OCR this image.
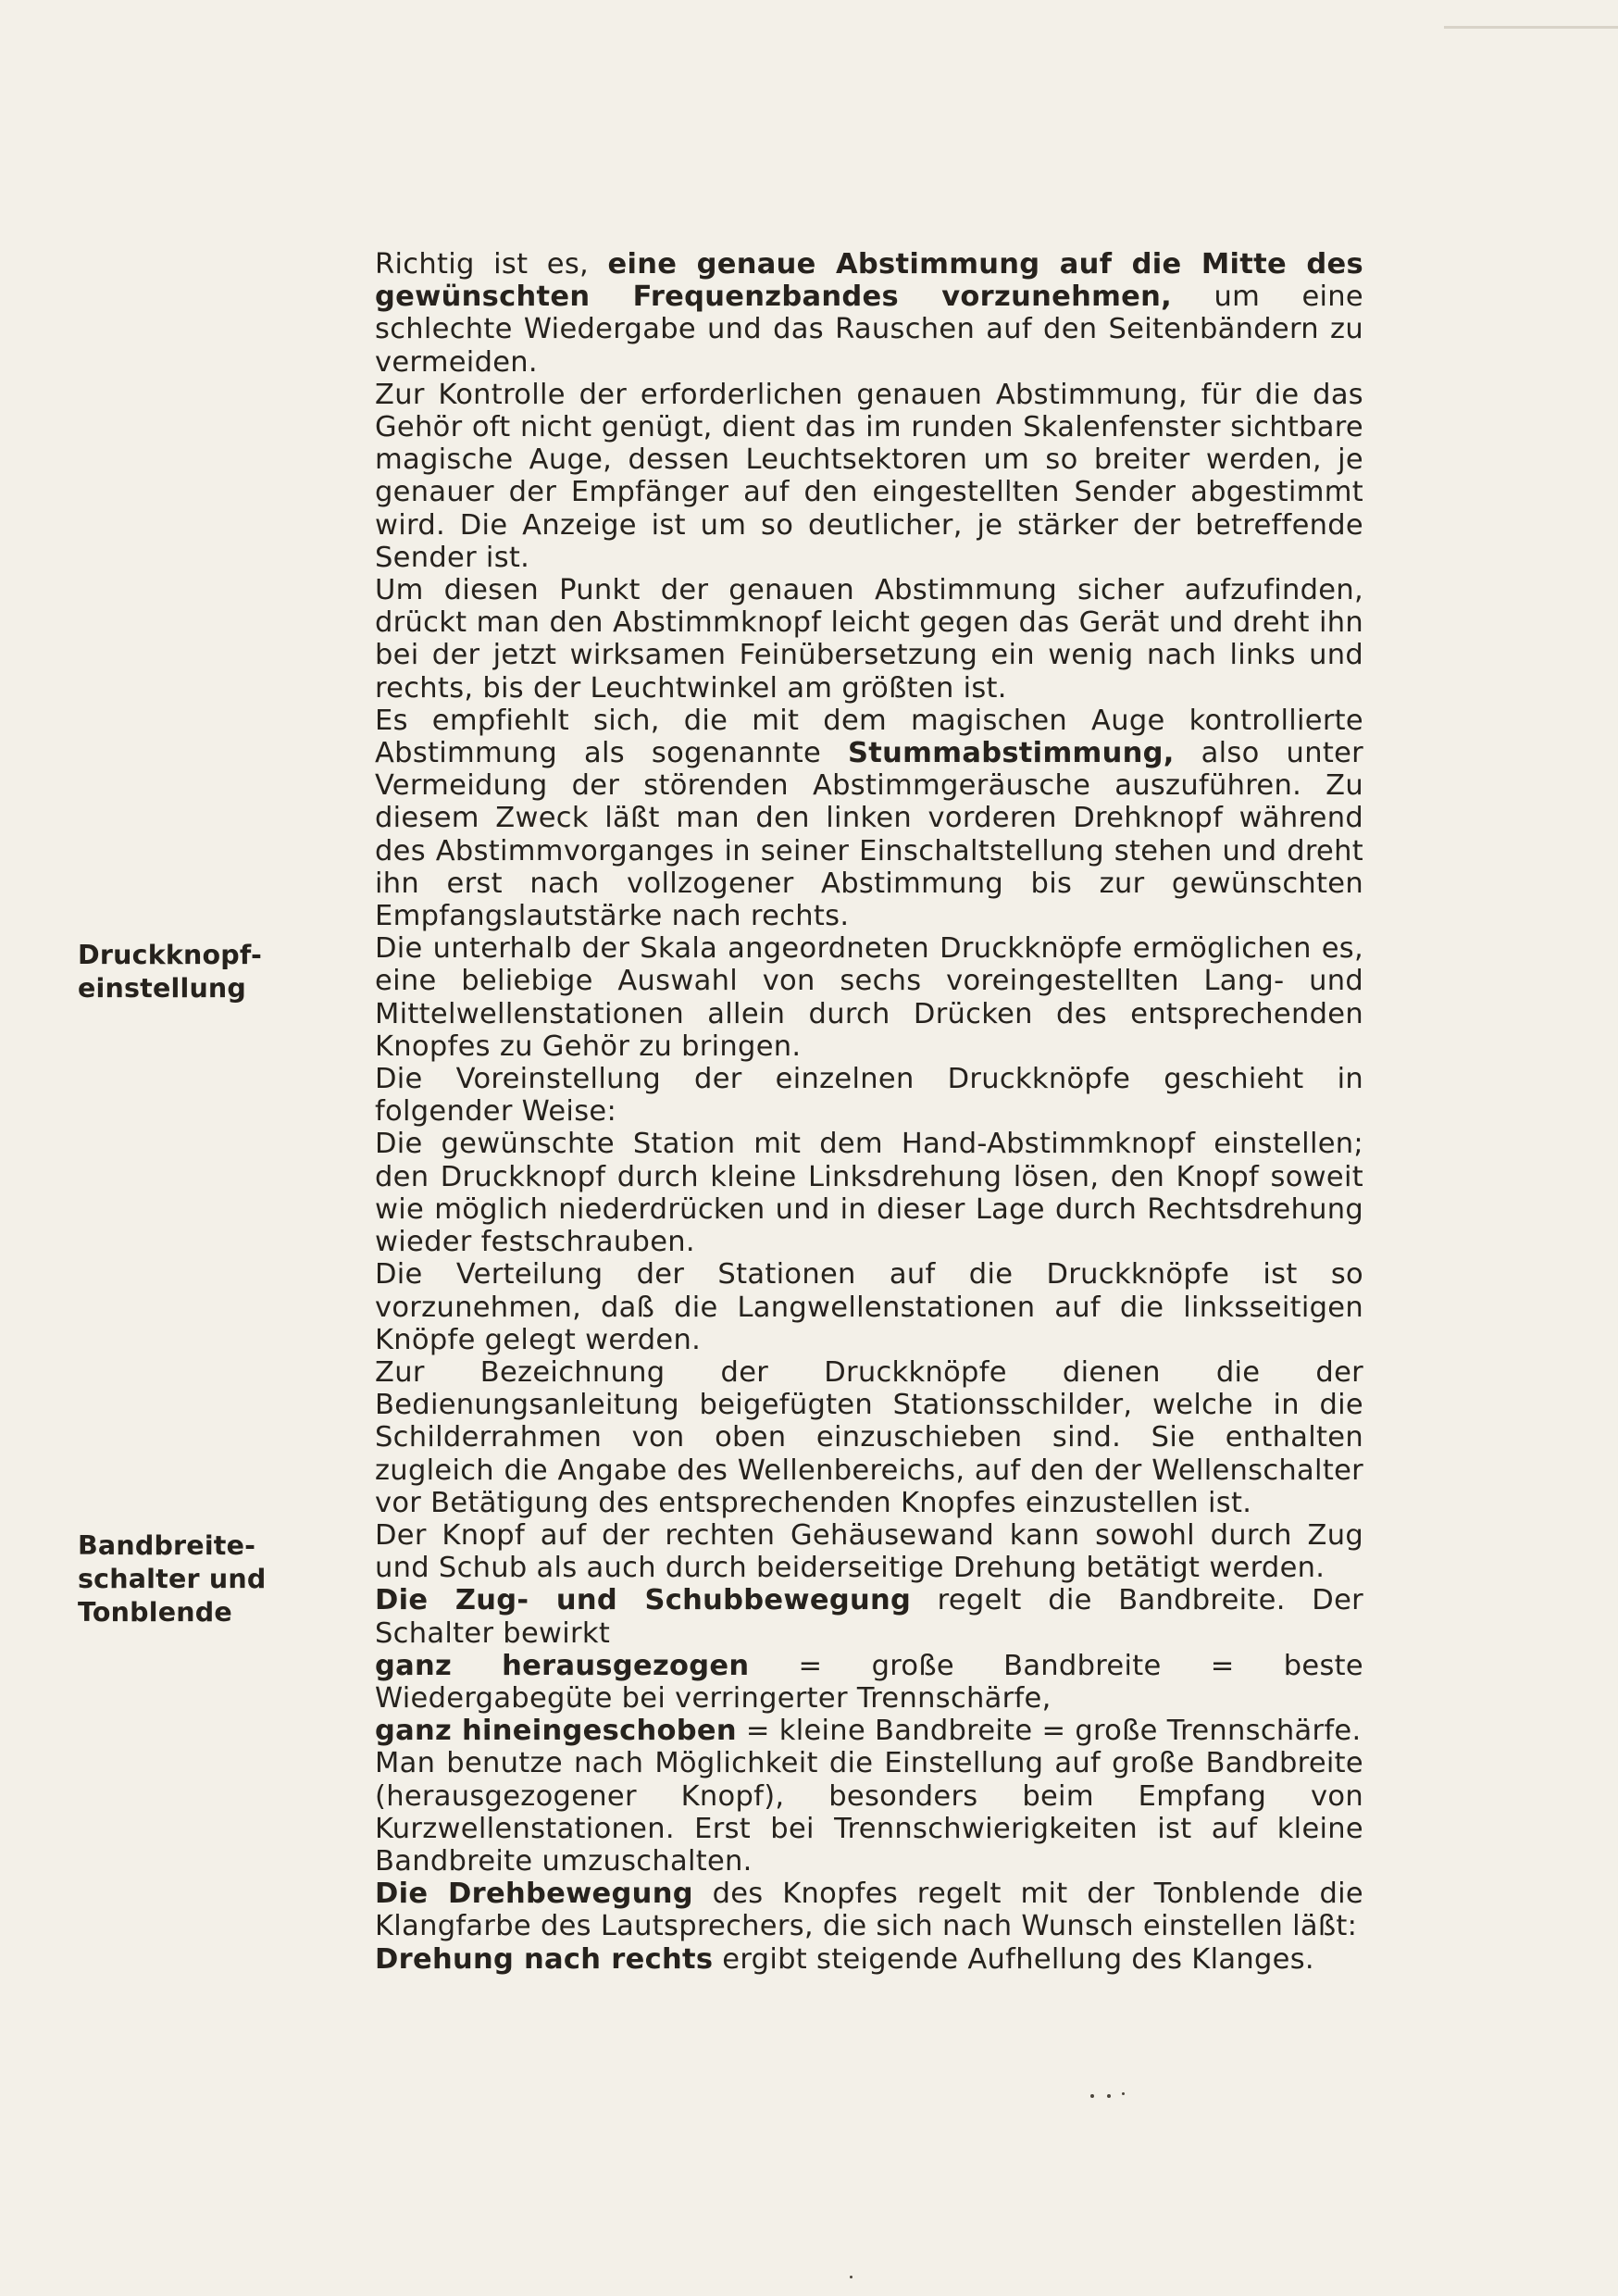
Druckknopf-
einstellung
Bandbreite-
schalter und
Tonblende

Richtig ist es, eine genaue Abstimmung auf die Mitte des gewünschten Frequenzbandes vorzunehmen, um eine schlechte Wiedergabe und das Rauschen auf den Seitenbändern zu vermeiden.

Zur Kontrolle der erforderlichen genauen Abstimmung, für die das Gehör oft nicht genügt, dient das im runden Skalenfenster sichtbare magische Auge, dessen Leuchtsektoren um so breiter werden, je genauer der Empfänger auf den eingestellten Sender abgestimmt wird. Die Anzeige ist um so deutlicher, je stärker der betreffende Sender ist.

Um diesen Punkt der genauen Abstimmung sicher aufzufinden, drückt man den Abstimmknopf leicht gegen das Gerät und dreht ihn bei der jetzt wirksamen Feinübersetzung ein wenig nach links und rechts, bis der Leuchtwinkel am größten ist.

Es empfiehlt sich, die mit dem magischen Auge kontrollierte Abstimmung als sogenannte Stummabstimmung, also unter Vermeidung der störenden Abstimmgeräusche auszuführen. Zu diesem Zweck läßt man den linken vorderen Drehknopf während des Abstimmvorganges in seiner Einschaltstellung stehen und dreht ihn erst nach vollzogener Abstimmung bis zur gewünschten Empfangslautstärke nach rechts.

Die unterhalb der Skala angeordneten Druckknöpfe ermöglichen es, eine beliebige Auswahl von sechs voreingestellten Lang- und Mittelwellenstationen allein durch Drücken des entsprechenden Knopfes zu Gehör zu bringen.

Die Voreinstellung der einzelnen Druckknöpfe geschieht in folgender Weise:

Die gewünschte Station mit dem Hand-Abstimmknopf einstellen; den Druckknopf durch kleine Linksdrehung lösen, den Knopf soweit wie möglich niederdrücken und in dieser Lage durch Rechtsdrehung wieder festschrauben.

Die Verteilung der Stationen auf die Druckknöpfe ist so vorzunehmen, daß die Langwellenstationen auf die linksseitigen Knöpfe gelegt werden.

Zur Bezeichnung der Druckknöpfe dienen die der Bedienungsanleitung beigefügten Stationsschilder, welche in die Schilderrahmen von oben einzuschieben sind. Sie enthalten zugleich die Angabe des Wellenbereichs, auf den der Wellenschalter vor Betätigung des entsprechenden Knopfes einzustellen ist.

Der Knopf auf der rechten Gehäusewand kann sowohl durch Zug und Schub als auch durch beiderseitige Drehung betätigt werden.

Die Zug- und Schubbewegung regelt die Bandbreite. Der Schalter bewirkt

ganz herausgezogen = große Bandbreite = beste Wiedergabegüte bei verringerter Trennschärfe,

ganz hineingeschoben = kleine Bandbreite = große Trennschärfe.

Man benutze nach Möglichkeit die Einstellung auf große Bandbreite (herausgezogener Knopf), besonders beim Empfang von Kurzwellenstationen. Erst bei Trennschwierigkeiten ist auf kleine Bandbreite umzuschalten.

Die Drehbewegung des Knopfes regelt mit der Tonblende die Klangfarbe des Lautsprechers, die sich nach Wunsch einstellen läßt:

Drehung nach rechts ergibt steigende Aufhellung des Klanges.
